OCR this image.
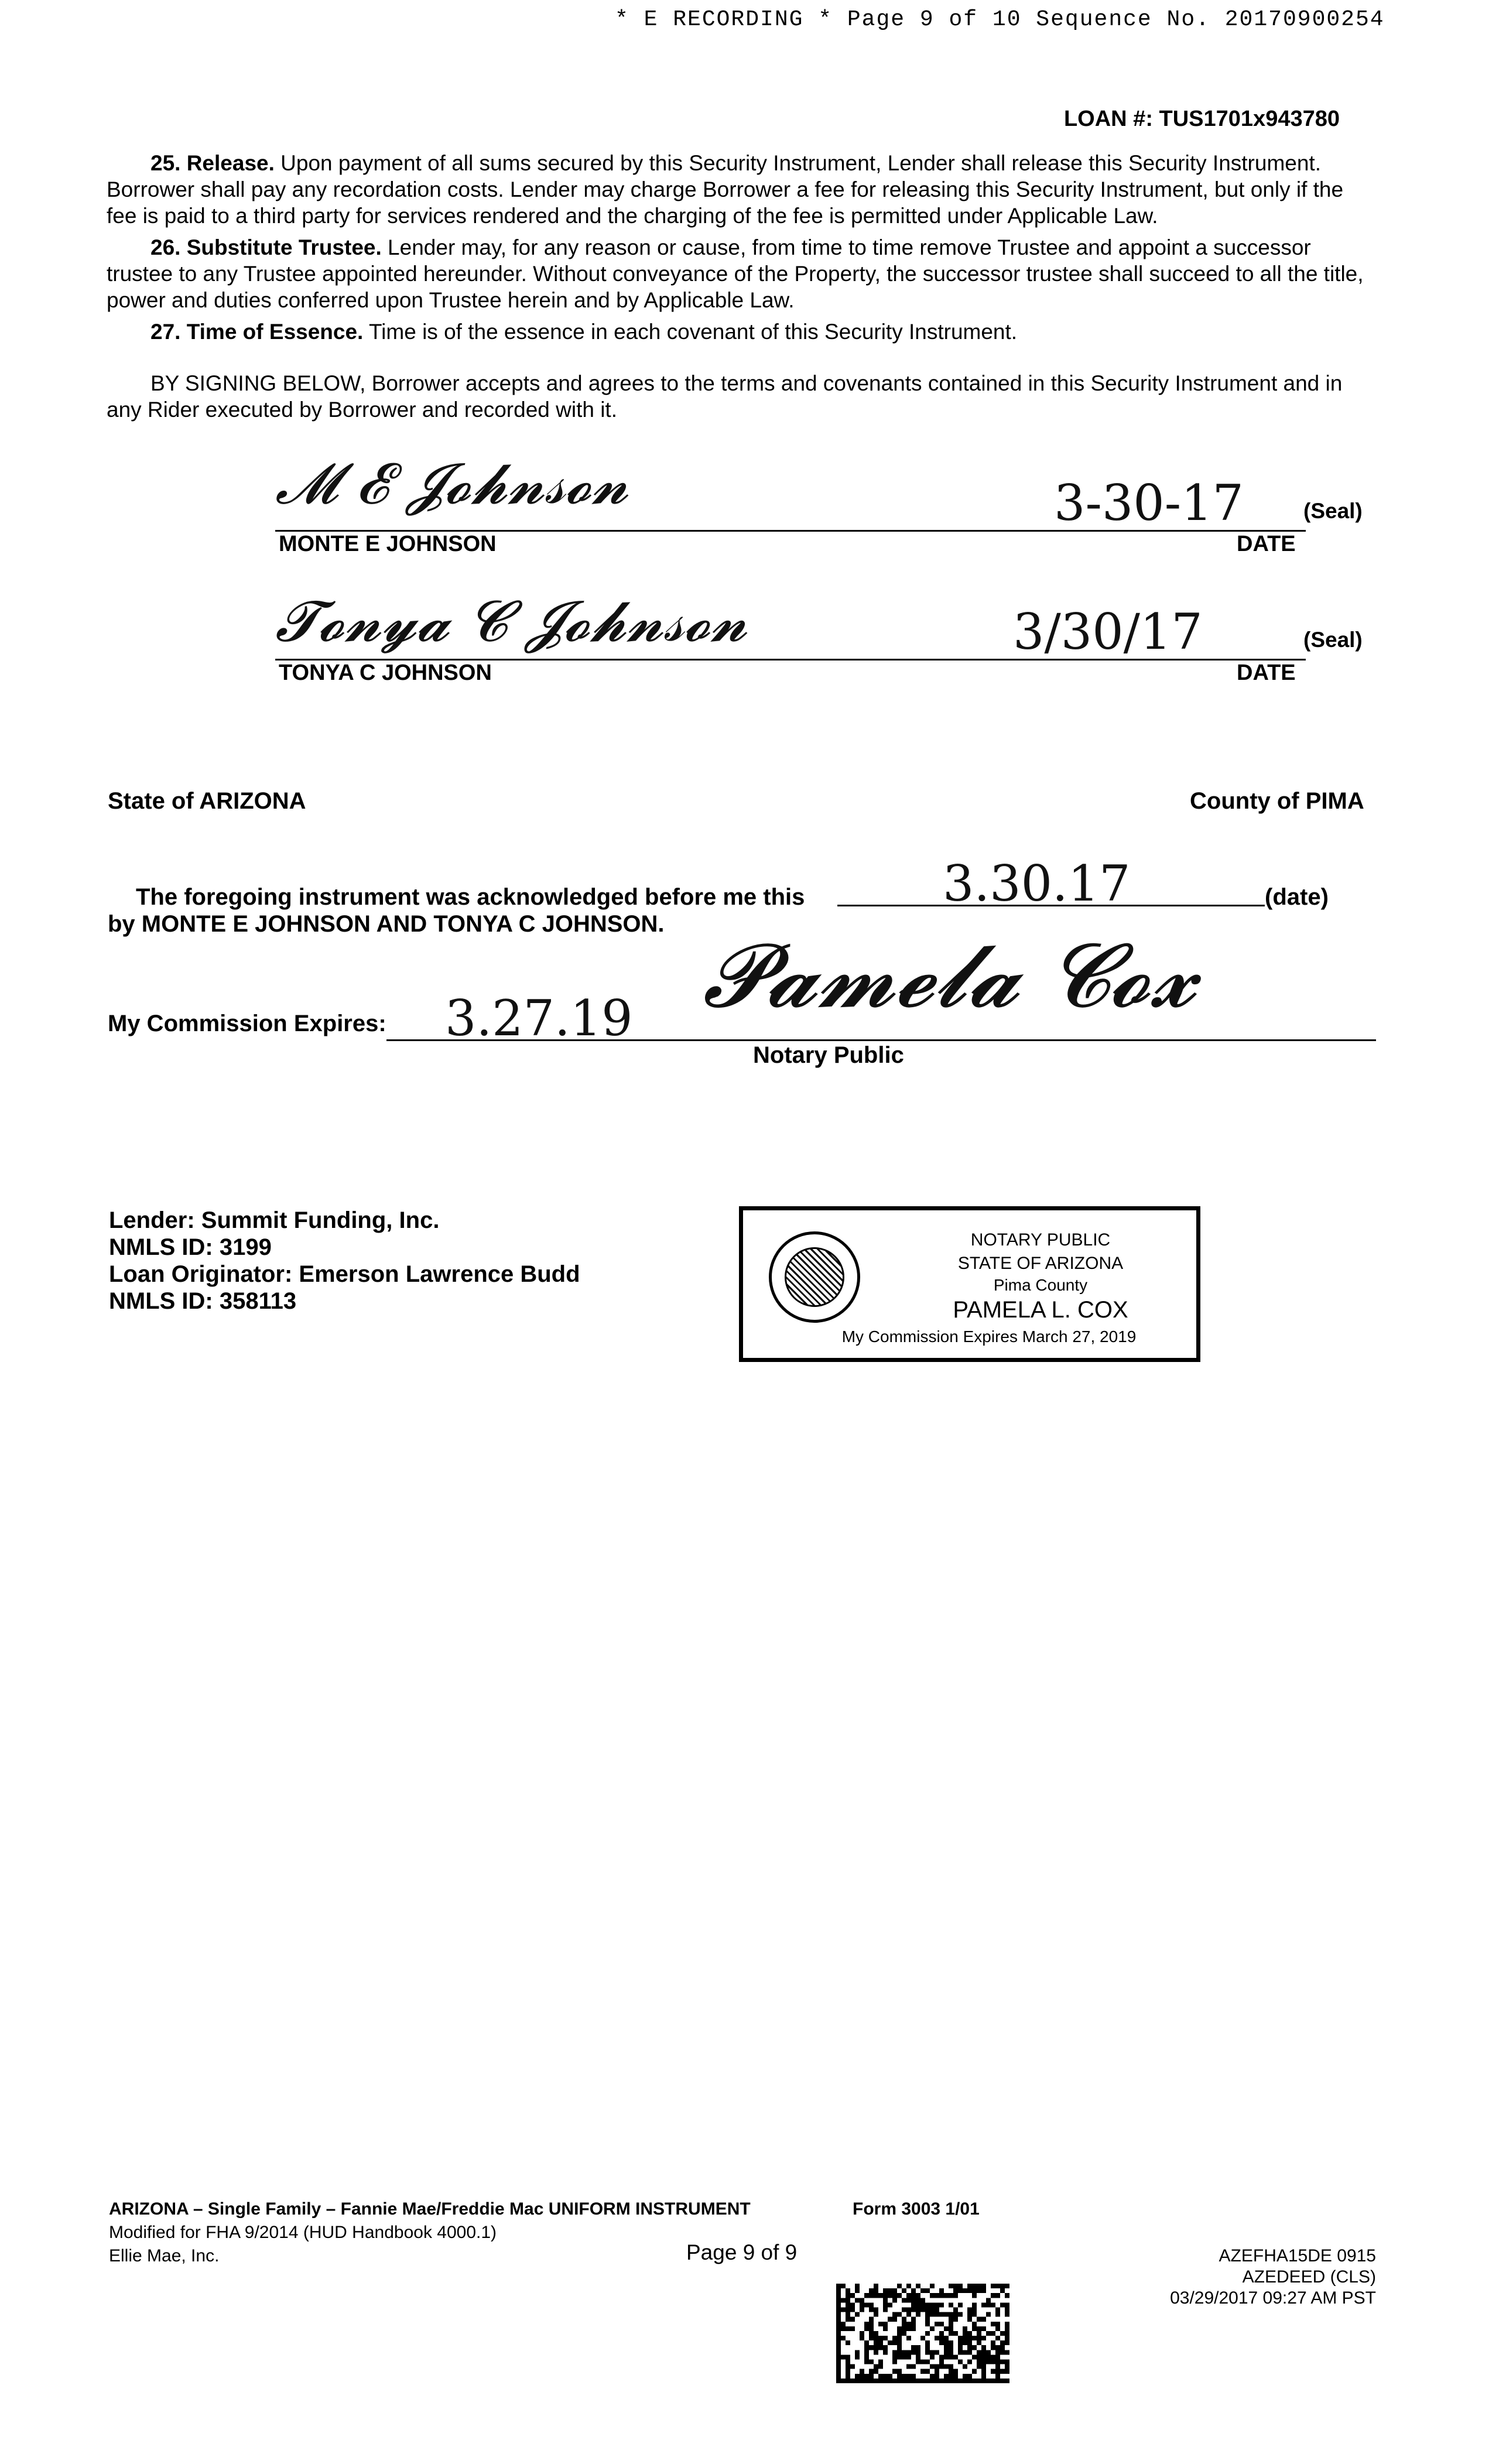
* E RECORDING * Page 9 of 10 Sequence No. 20170900254
LOAN #: TUS1701x943780
25. Release. Upon payment of all sums secured by this Security Instrument, Lender shall release this Security Instrument. Borrower shall pay any recordation costs. Lender may charge Borrower a fee for releasing this Security Instrument, but only if the fee is paid to a third party for services rendered and the charging of the fee is permitted under Applicable Law.
26. Substitute Trustee. Lender may, for any reason or cause, from time to time remove Trustee and appoint a successor trustee to any Trustee appointed hereunder. Without conveyance of the Property, the successor trustee shall succeed to all the title, power and duties conferred upon Trustee herein and by Applicable Law.
27. Time of Essence. Time is of the essence in each covenant of this Security Instrument.
BY SIGNING BELOW, Borrower accepts and agrees to the terms and covenants contained in this Security Instrument and in any Rider executed by Borrower and recorded with it.
𝓜 𝓔 𝓙𝓸𝓱𝓷𝓈𝓸𝓷	3-30-17	(Seal)
MONTE E JOHNSON	DATE
𝓣𝓸𝓷𝔂𝓪 𝓒 𝓙𝓸𝓱𝓷𝓈𝓸𝓷	3/30/17	(Seal)
TONYA C JOHNSON	DATE
State of ARIZONA	County of PIMA
The foregoing instrument was acknowledged before me this	3.30.17	(date)
by MONTE E JOHNSON AND TONYA C JOHNSON.
My Commission Expires: 3.27.19 𝓟𝓪𝓶𝓮𝓵𝓪 𝓒𝓸𝔁
Notary Public
Lender: Summit Funding, Inc.
NMLS ID: 3199
Loan Originator: Emerson Lawrence Budd
NMLS ID: 358113
NOTARY PUBLIC
STATE OF ARIZONA
Pima County
PAMELA L. COX
My Commission Expires March 27, 2019
ARIZONA – Single Family – Fannie Mae/Freddie Mac UNIFORM INSTRUMENT	Form 3003 1/01
Modified for FHA 9/2014 (HUD Handbook 4000.1)
Ellie Mae, Inc.	Page 9 of 9	AZEFHA15DE 0915
AZEDEED (CLS)
03/29/2017 09:27 AM PST
